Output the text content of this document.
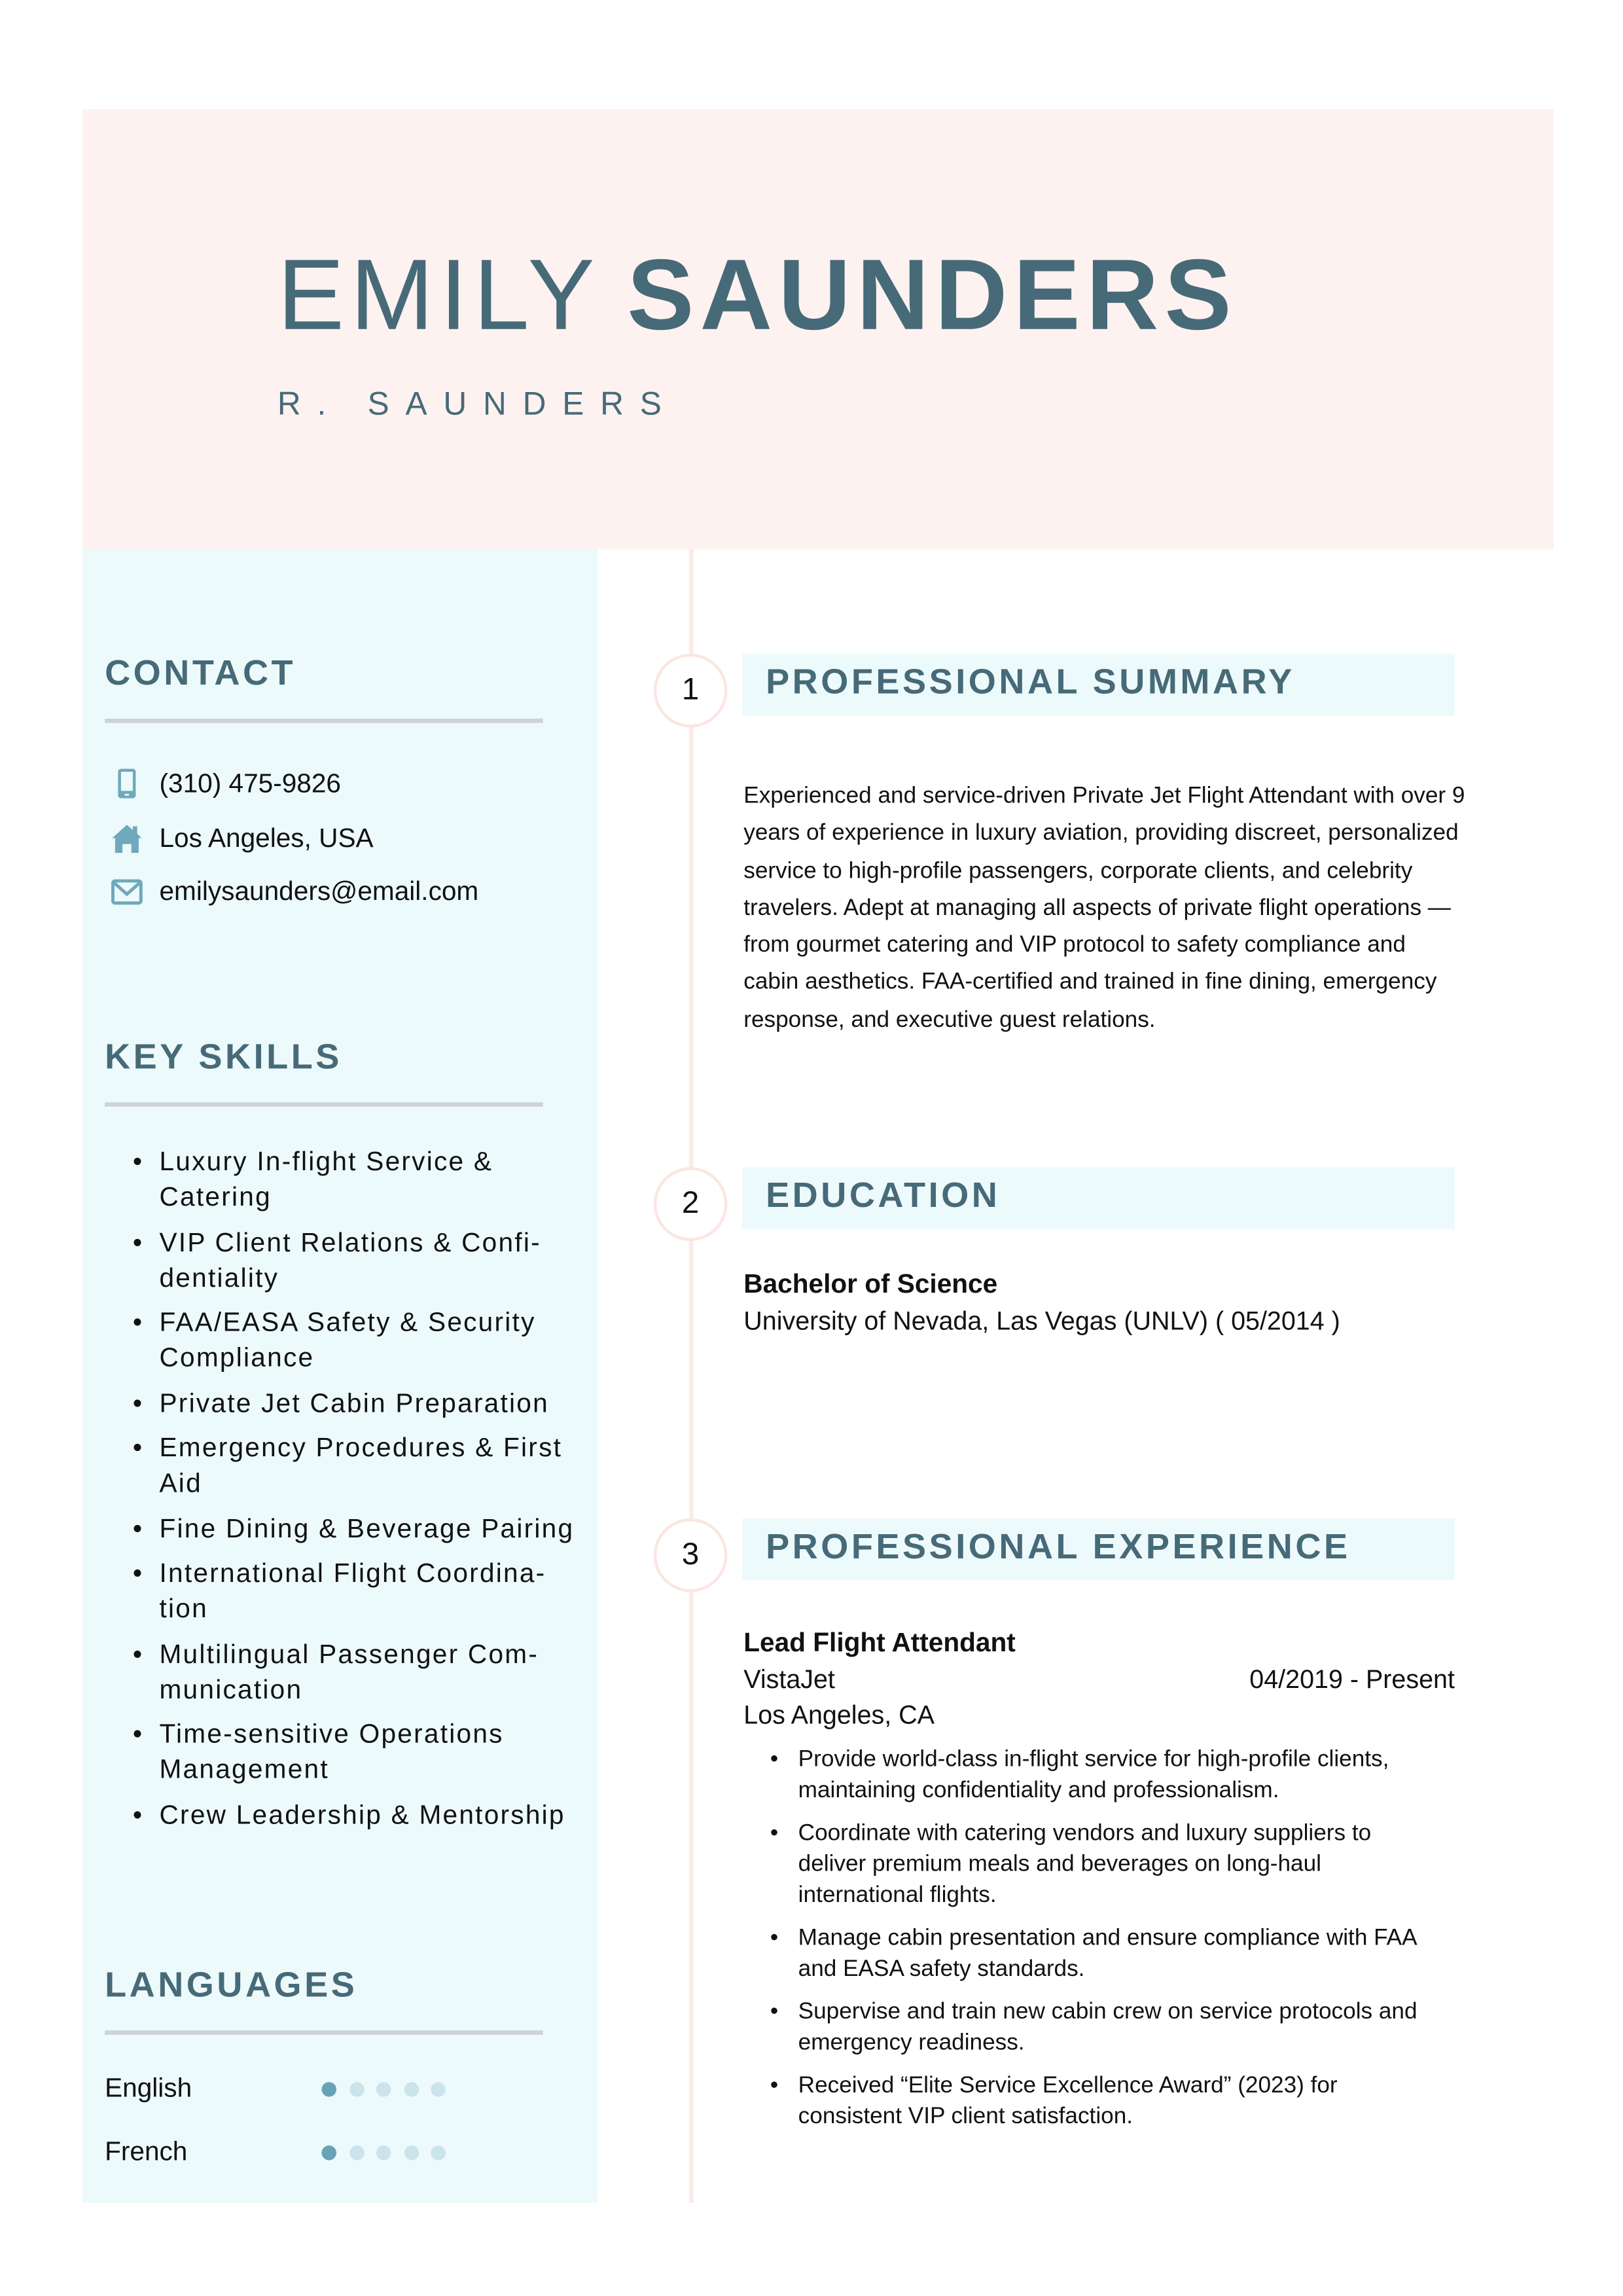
EMILY SAUNDERS
R. SAUNDERS
CONTACT
(310) 475-9826
Los Angeles, USA
emilysaunders@email.com
KEY SKILLS
• Luxury In-flight Service & Catering
• VIP Client Relations & Confi-dentiality
• FAA/EASA Safety & Security Compliance
• Private Jet Cabin Preparation
• Emergency Procedures & First Aid
• Fine Dining & Beverage Pairing
• International Flight Coordina-tion
• Multilingual Passenger Com-munication
• Time-sensitive Operations Management
• Crew Leadership & Mentorship
LANGUAGES
English
French
1	PROFESSIONAL SUMMARY
Experienced and service-driven Private Jet Flight Attendant with over 9 years of experience in luxury aviation, providing discreet, personalized service to high-profile passengers, corporate clients, and celebrity travelers. Adept at managing all aspects of private flight operations — from gourmet catering and VIP protocol to safety compliance and cabin aesthetics. FAA-certified and trained in fine dining, emergency response, and executive guest relations.
2	EDUCATION
Bachelor of Science
University of Nevada, Las Vegas (UNLV) ( 05/2014 )
3	PROFESSIONAL EXPERIENCE
Lead Flight Attendant
VistaJet	04/2019 - Present
Los Angeles, CA
• Provide world-class in-flight service for high-profile clients, maintaining confidentiality and professionalism.
• Coordinate with catering vendors and luxury suppliers to deliver premium meals and beverages on long-haul international flights.
• Manage cabin presentation and ensure compliance with FAA and EASA safety standards.
• Supervise and train new cabin crew on service protocols and emergency readiness.
• Received “Elite Service Excellence Award” (2023) for consistent VIP client satisfaction.
